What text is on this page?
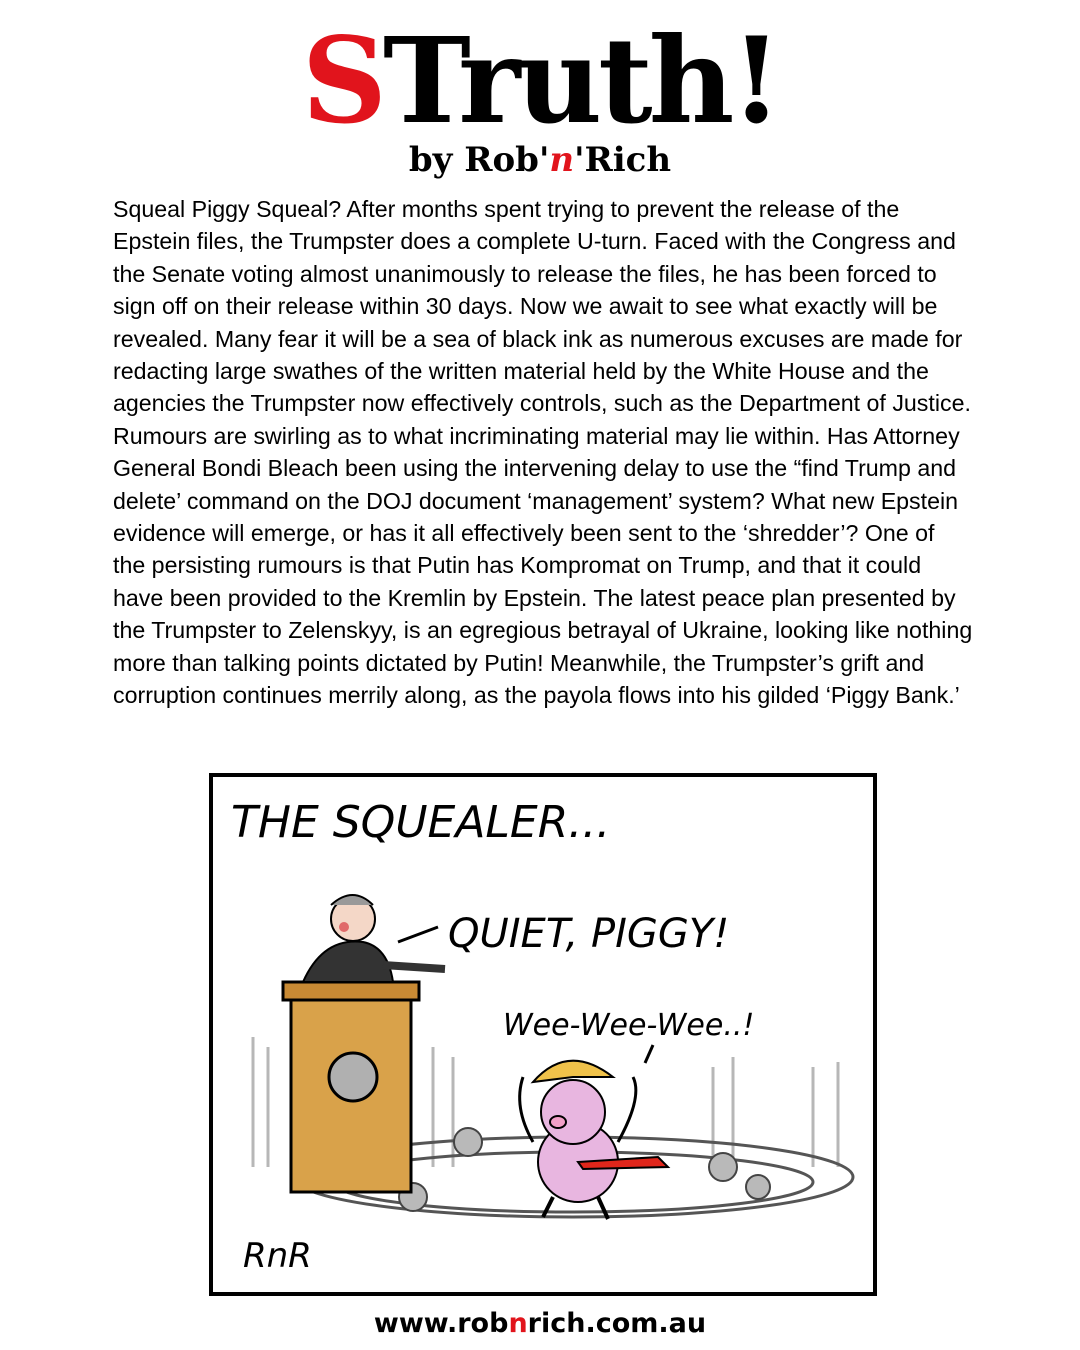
STruth!
by Rob'n'Rich
Squeal Piggy Squeal? After months spent trying to prevent the release of the Epstein files, the Trumpster does a complete U-turn. Faced with the Congress and the Senate voting almost unanimously to release the files, he has been forced to sign off on their release within 30 days. Now we await to see what exactly will be revealed. Many fear it will be a sea of black ink as numerous excuses are made for redacting large swathes of the written material held by the White House and the agencies the Trumpster now effectively controls, such as the Department of Justice. Rumours are swirling as to what incriminating material may lie within. Has Attorney General Bondi Bleach been using the intervening delay to use the “find Trump and delete’ command on the DOJ document ‘management’ system? What new Epstein evidence will emerge, or has it all effectively been sent to the ‘shredder’? One of the persisting rumours is that Putin has Kompromat on Trump, and that it could have been provided to the Kremlin by Epstein. The latest peace plan presented by the Trumpster to Zelenskyy, is an egregious betrayal of Ukraine, looking like nothing more than talking points dictated by Putin! Meanwhile, the Trumpster’s grift and corruption continues merrily along, as the payola flows into his gilded ‘Piggy Bank.’
THE SQUEALER...
QUIET, PIGGY!
Wee-Wee-Wee..!
RnR
www.robnrich.com.au
